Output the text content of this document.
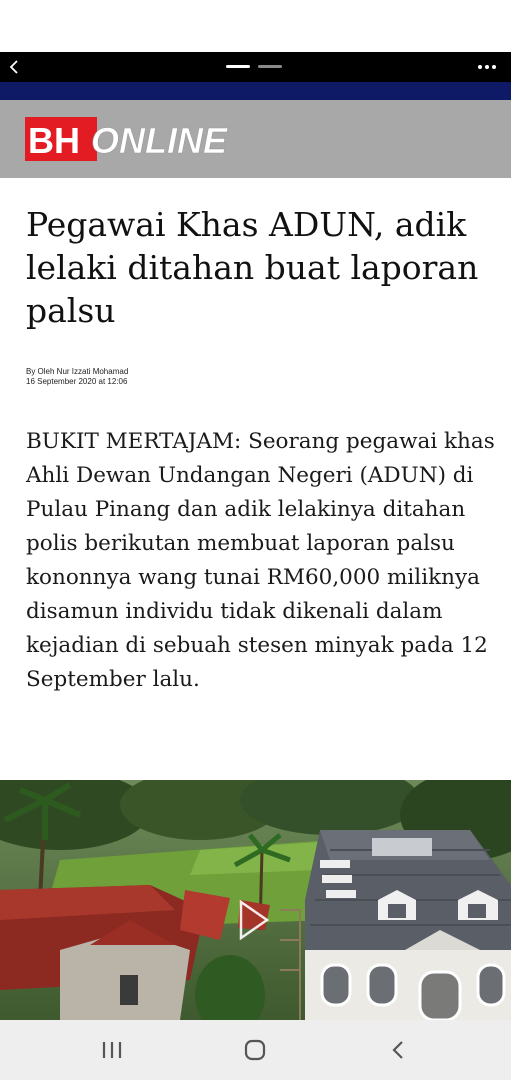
BH ONLINE
Pegawai Khas ADUN, adik lelaki ditahan buat laporan palsu
By Oleh Nur Izzati Mohamad
16 September 2020 at 12:06

BUKIT MERTAJAM: Seorang pegawai khas Ahli Dewan Undangan Negeri (ADUN) di Pulau Pinang dan adik lelakinya ditahan polis berikutan membuat laporan palsu kononnya wang tunai RM60,000 miliknya disamun individu tidak dikenali dalam kejadian di sebuah stesen minyak pada 12 September lalu.
